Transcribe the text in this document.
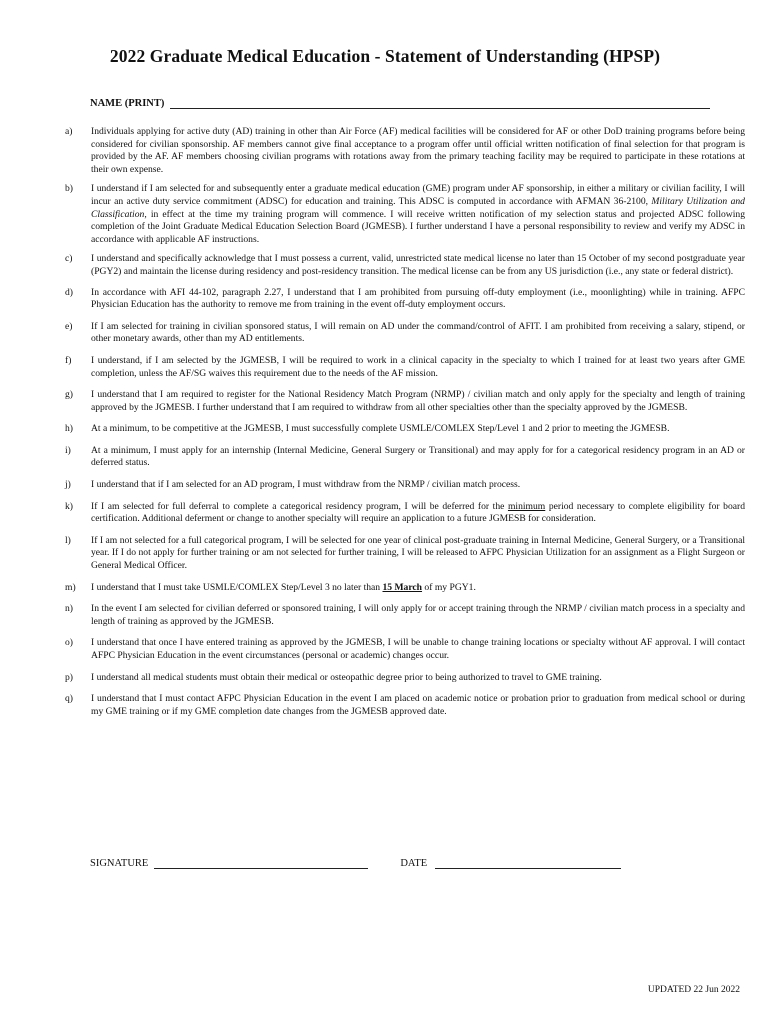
2022 Graduate Medical Education - Statement of Understanding (HPSP)
NAME (PRINT)
a)	Individuals applying for active duty (AD) training in other than Air Force (AF) medical facilities will be considered for AF or other DoD training programs before being considered for civilian sponsorship. AF members cannot give final acceptance to a program offer until official written notification of final selection for that program is provided by the AF. AF members choosing civilian programs with rotations away from the primary teaching facility may be required to participate in these rotations at their own expense.
b)	I understand if I am selected for and subsequently enter a graduate medical education (GME) program under AF sponsorship, in either a military or civilian facility, I will incur an active duty service commitment (ADSC) for education and training. This ADSC is computed in accordance with AFMAN 36-2100, Military Utilization and Classification, in effect at the time my training program will commence. I will receive written notification of my selection status and projected ADSC following completion of the Joint Graduate Medical Education Selection Board (JGMESB). I further understand I have a personal responsibility to review and verify my ADSC in accordance with applicable AF instructions.
c)	I understand and specifically acknowledge that I must possess a current, valid, unrestricted state medical license no later than 15 October of my second postgraduate year (PGY2) and maintain the license during residency and post-residency transition. The medical license can be from any US jurisdiction (i.e., any state or federal district).
d)	In accordance with AFI 44-102, paragraph 2.27, I understand that I am prohibited from pursuing off-duty employment (i.e., moonlighting) while in training. AFPC Physician Education has the authority to remove me from training in the event off-duty employment occurs.
e)	If I am selected for training in civilian sponsored status, I will remain on AD under the command/control of AFIT. I am prohibited from receiving a salary, stipend, or other monetary awards, other than my AD entitlements.
f)	I understand, if I am selected by the JGMESB, I will be required to work in a clinical capacity in the specialty to which I trained for at least two years after GME completion, unless the AF/SG waives this requirement due to the needs of the AF mission.
g)	I understand that I am required to register for the National Residency Match Program (NRMP) / civilian match and only apply for the specialty and length of training approved by the JGMESB. I further understand that I am required to withdraw from all other specialties other than the specialty approved by the JGMESB.
h)	At a minimum, to be competitive at the JGMESB, I must successfully complete USMLE/COMLEX Step/Level 1 and 2 prior to meeting the JGMESB.
i)	At a minimum, I must apply for an internship (Internal Medicine, General Surgery or Transitional) and may apply for for a categorical residency program in an AD or deferred status.
j)	I understand that if I am selected for an AD program, I must withdraw from the NRMP / civilian match process.
k)	If I am selected for full deferral to complete a categorical residency program, I will be deferred for the minimum period necessary to complete eligibility for board certification. Additional deferment or change to another specialty will require an application to a future JGMESB for consideration.
l)	If I am not selected for a full categorical program, I will be selected for one year of clinical post-graduate training in Internal Medicine, General Surgery, or a Transitional year. If I do not apply for further training or am not selected for further training, I will be released to AFPC Physician Utilization for an assignment as a Flight Surgeon or General Medical Officer.
m)	I understand that I must take USMLE/COMLEX Step/Level 3 no later than 15 March of my PGY1.
n)	In the event I am selected for civilian deferred or sponsored training, I will only apply for or accept training through the NRMP / civilian match process in a specialty and length of training as approved by the JGMESB.
o)	I understand that once I have entered training as approved by the JGMESB, I will be unable to change training locations or specialty without AF approval. I will contact AFPC Physician Education in the event circumstances (personal or academic) changes occur.
p)	I understand all medical students must obtain their medical or osteopathic degree prior to being authorized to travel to GME training.
q)	I understand that I must contact AFPC Physician Education in the event I am placed on academic notice or probation prior to graduation from medical school or during my GME training or if my GME completion date changes from the JGMESB approved date.
SIGNATURE	DATE
UPDATED 22 Jun 2022
